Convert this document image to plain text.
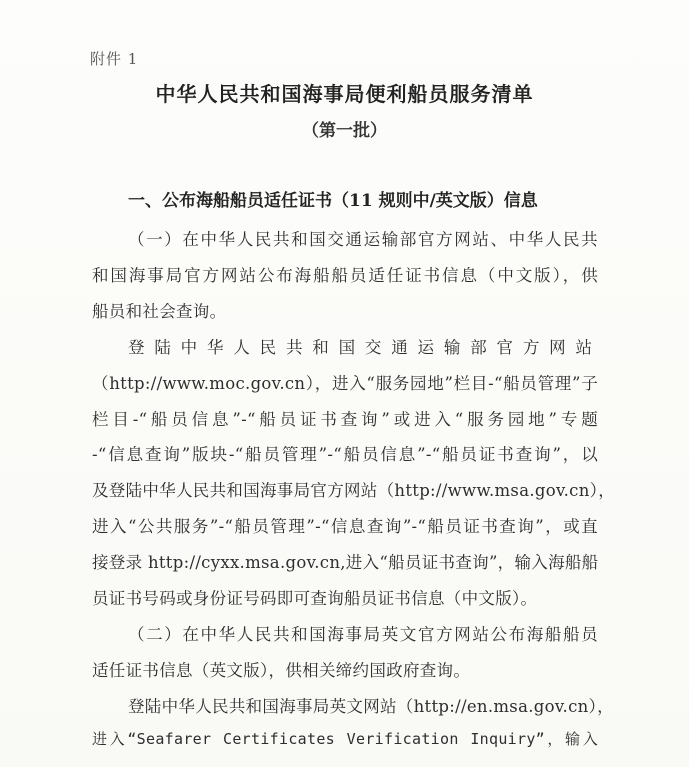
附件 1
中华人民共和国海事局便利船员服务清单
（第一批）
一、公布海船船员适任证书（11 规则中/英文版）信息
（一）在中华人民共和国交通运输部官方网站、中华人民共
和国海事局官方网站公布海船船员适任证书信息（中文版），供
船员和社会查询。
登陆中华人民共和国交通运输部官方网站
（http://www.moc.gov.cn），进入“服务园地”栏目-“船员管理”子
栏目-“船员信息”-“船员证书查询”或进入“服务园地”专题
-“信息查询”版块-“船员管理”-“船员信息”-“船员证书查询”，以
及登陆中华人民共和国海事局官方网站（http://www.msa.gov.cn），
进入“公共服务”-“船员管理”-“信息查询”-“船员证书查询”，或直
接登录 http://cyxx.msa.gov.cn,进入“船员证书查询”，输入海船船
员证书号码或身份证号码即可查询船员证书信息（中文版）。
（二）在中华人民共和国海事局英文官方网站公布海船船员
适任证书信息（英文版），供相关缔约国政府查询。
登陆中华人民共和国海事局英文网站（http://en.msa.gov.cn），
进入“Seafarer Certificates Verification Inquiry”，输入
